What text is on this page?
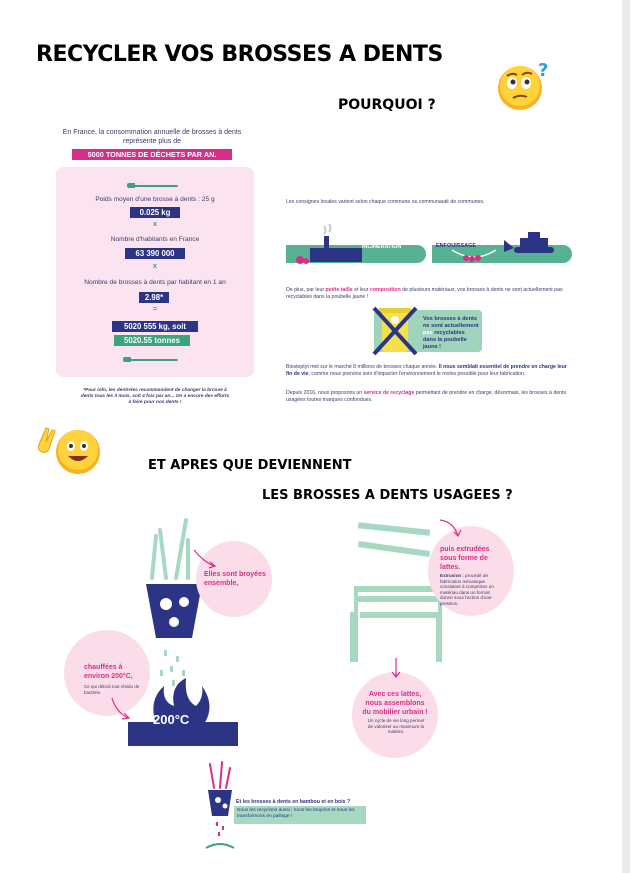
RECYCLER VOS BROSSES A DENTS
?
POURQUOI ?
En France, la consommation annuelle de brosses à dents représente plus de
5000 TONNES DE DÉCHETS PAR AN.
Poids moyen d'une brosse à dents : 25 g
0.025 kg
x
Nombre d'habitants en France
63 390 000
x
Nombre de brosses à dents par habitant en 1 an
2.98*
=
5020 555 kg, soit
5020.55 tonnes
*Pour info, les dentistes recommandent de changer la brosse à dents tous les 3 mois, soit 4 fois par an... On a encore des efforts à faire pour nos dents !
Les consignes locales varient selon chaque commune ou communauté de communes.
INCINÉRATION	ENFOUISSAGE
De plus, par leur petite taille et leur composition de plusieurs matériaux, vos brosses à dents ne sont actuellement pas recyclables dans la poubelle jaune !
Vos brosses à dents ne sont actuellement pas recyclables dans la poubelle jaune !
Biosteptyt met sur le marché 8 millions de brosses chaque année. Il nous semblait essentiel de prendre en charge leur fin de vie, comme nous prenons soin d'impacter l'environnement le moins possible pour leur fabrication.
Depuis 2016, nous proposons un service de recyclage permettant de prendre en charge, désormais, les brosses à dents usagées toutes marques confondues.
ET APRES QUE DEVIENNENT
LES BROSSES A DENTS USAGEES ?
200°C
Elles sont broyées ensemble,
chauffées à environ 200°C,
Ce qui détruit tout résidu de bactérie.
puis extrudées sous forme de lattes.
Extrusion : procédé de fabrication mécanique consistant à comprimer un matériau dans un format donné sous l'action d'une pression.
Avec ces lattes, nous assemblons du mobilier urbain !
Un cycle de vie long permet de valoriser au maximum la matière.
Et les brosses à dents en bambou et en bois ?
Nous les recyclons aussi ; nous les broyons et nous les transformons en paillage !
